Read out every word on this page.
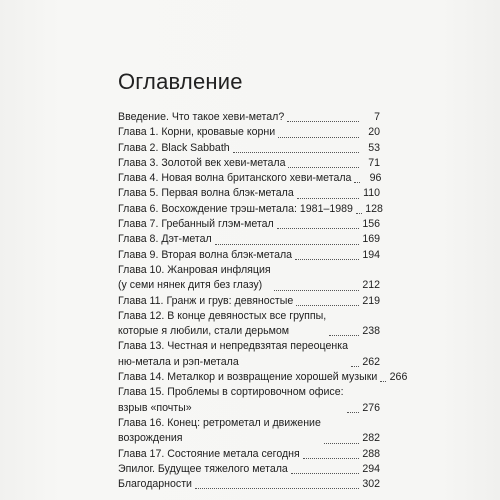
Оглавление
Введение. Что такое хеви-метал?	7
Глава 1. Корни, кровавые корни	20
Глава 2. Black Sabbath	53
Глава 3. Золотой век хеви-метала	71
Глава 4. Новая волна британского хеви-метала	96
Глава 5. Первая волна блэк-метала	110
Глава 6. Восхождение трэш-метала: 1981–1989 128
Глава 7. Гребанный глэм-метал	156
Глава 8. Дэт-метал	169
Глава 9. Вторая волна блэк-метала	194
Глава 10. Жанровая инфляция
(у семи нянек дитя без глазу)	212
Глава 11. Гранж и грув: девяностые	219
Глава 12. В конце девяностых все группы,
которые я любили, стали дерьмом	238
Глава 13. Честная и непредвзятая переоценка
ню-метала и рэп-метала	262
Глава 14. Металкор и возвращение хорошей музыки 266
Глава 15. Проблемы в сортировочном офисе:
взрыв «почты»	276
Глава 16. Конец: ретрометал и движение
возрождения	282
Глава 17. Состояние метала сегодня	288
Эпилог. Будущее тяжелого метала	294
Благодарности	302
